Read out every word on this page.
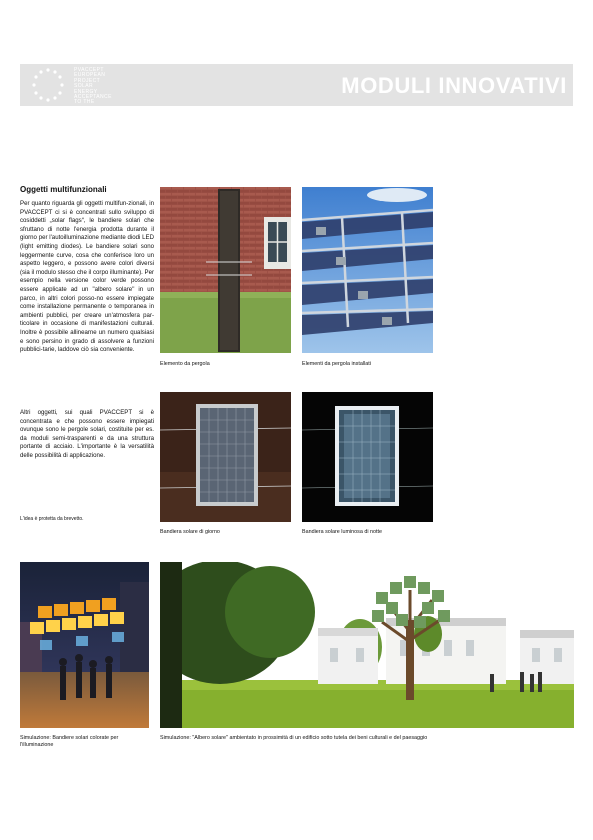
PVACCEPT
EUROPEAN
PROJECT
SOLAR
ENERGY
ACCEPTANCE
TO THE
MODULI INNOVATIVI
Oggetti multifunzionali

Per quanto riguarda gli oggetti multifun-zionali, in PVACCEPT ci si è concentrati sullo sviluppo di cosiddetti „solar flags“, le bandiere solari che sfruttano di notte l'energia prodotta durante il giorno per l'autoilluminazione mediante diodi LED (light emitting diodes). Le bandiere solari sono leggermente curve, cosa che conferisce loro un aspetto leggero, e possono avere colori diversi (sia il modulo stesso che il corpo illuminante). Per esempio nella versione color verde possono essere applicate ad un "albero solare" in un parco, in altri colori posso-no essere impiegate come installazione permanente o temporanea in ambienti pubblici, per creare un'atmosfera par-ticolare in occasione di manifestazioni culturali. Inoltre è possibile allinearne un numero qualsiasi e sono persino in grado di assolvere a funzioni pubblici-tarie, laddove ciò sia conveniente.

Altri oggetti, sui quali PVACCEPT si è concentrata e che possono essere impiegati ovunque sono le pergole solari, costituite per es. da moduli semi-trasparenti e da una struttura portante di acciaio. L'importante è la versatilità delle possibilità di applicazione.

L'idea è protetta da brevetto.
Elemento da pergola	Elementi da pergola installati
Bandiera solare di giorno	Bandiera solare luminosa di notte
Simulazione: Bandiere solari colorate per l'illuminazione
Simulazione: "Albero solare" ambientato in prossimità di un edificio sotto tutela dei beni culturali e del paesaggio
